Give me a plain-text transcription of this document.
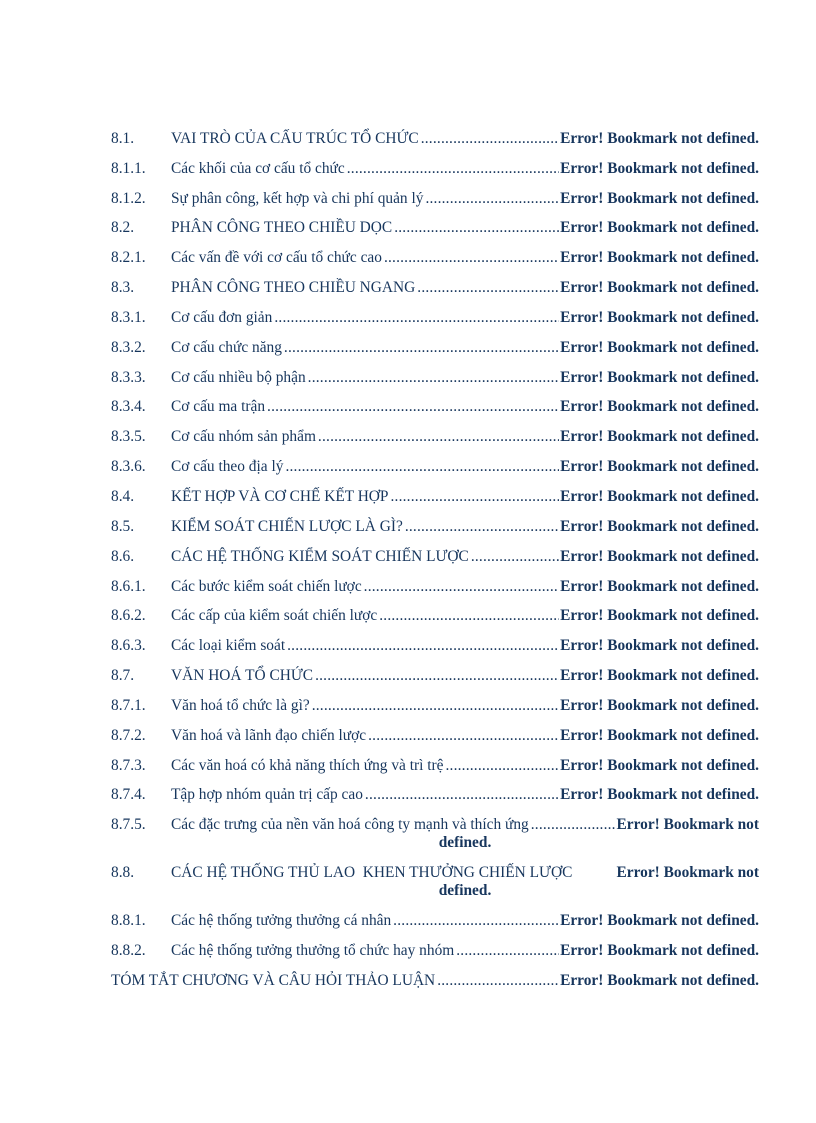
8.1.	VAI TRÒ CỦA CẤU TRÚC TỔ CHỨC .....	Error! Bookmark not defined.
8.1.1.	Các khối của cơ cấu tổ chức .....	Error! Bookmark not defined.
8.1.2.	Sự phân công, kết hợp và chi phí quản lý .....	Error! Bookmark not defined.
8.2.	PHÂN CÔNG THEO CHIỀU DỌC .....	Error! Bookmark not defined.
8.2.1.	Các vấn đề với cơ cấu tổ chức cao .....	Error! Bookmark not defined.
8.3.	PHÂN CÔNG THEO CHIỀU NGANG .....	Error! Bookmark not defined.
8.3.1.	Cơ cấu đơn giản .....	Error! Bookmark not defined.
8.3.2.	Cơ cấu chức năng .....	Error! Bookmark not defined.
8.3.3.	Cơ cấu nhiều bộ phận .....	Error! Bookmark not defined.
8.3.4.	Cơ cấu ma trận .....	Error! Bookmark not defined.
8.3.5.	Cơ cấu nhóm sản phẩm .....	Error! Bookmark not defined.
8.3.6.	Cơ cấu theo địa lý .....	Error! Bookmark not defined.
8.4.	KẾT HỢP VÀ CƠ CHẾ KẾT HỢP .....	Error! Bookmark not defined.
8.5.	KIỂM SOÁT CHIẾN LƯỢC LÀ GÌ? .....	Error! Bookmark not defined.
8.6.	CÁC HỆ THỐNG KIỂM SOÁT CHIẾN LƯỢC .....	Error! Bookmark not defined.
8.6.1.	Các bước kiểm soát chiến lược .....	Error! Bookmark not defined.
8.6.2.	Các cấp của kiểm soát chiến lược .....	Error! Bookmark not defined.
8.6.3.	Các loại kiểm soát .....	Error! Bookmark not defined.
8.7.	VĂN HOÁ TỔ CHỨC .....	Error! Bookmark not defined.
8.7.1.	Văn hoá tổ chức là gì? .....	Error! Bookmark not defined.
8.7.2.	Văn hoá và lãnh đạo chiến lược .....	Error! Bookmark not defined.
8.7.3.	Các văn hoá có khả năng thích ứng và trì trệ .....	Error! Bookmark not defined.
8.7.4.	Tập hợp nhóm quản trị cấp cao .....	Error! Bookmark not defined.
8.7.5.	Các đặc trưng của nền văn hoá công ty mạnh và thích ứng .....	Error! Bookmark not
defined.
8.8.	CÁC HỆ THỐNG THỦ LAO  KHEN THƯỞNG CHIẾN LƯỢC	Error! Bookmark not
defined.
8.8.1.	Các hệ thống tưởng thưởng cá nhân .....	Error! Bookmark not defined.
8.8.2.	Các hệ thống tưởng thưởng tổ chức hay nhóm .....	Error! Bookmark not defined.
TÓM TẮT CHƯƠNG VÀ CÂU HỎI THẢO LUẬN .....	Error! Bookmark not defined.
